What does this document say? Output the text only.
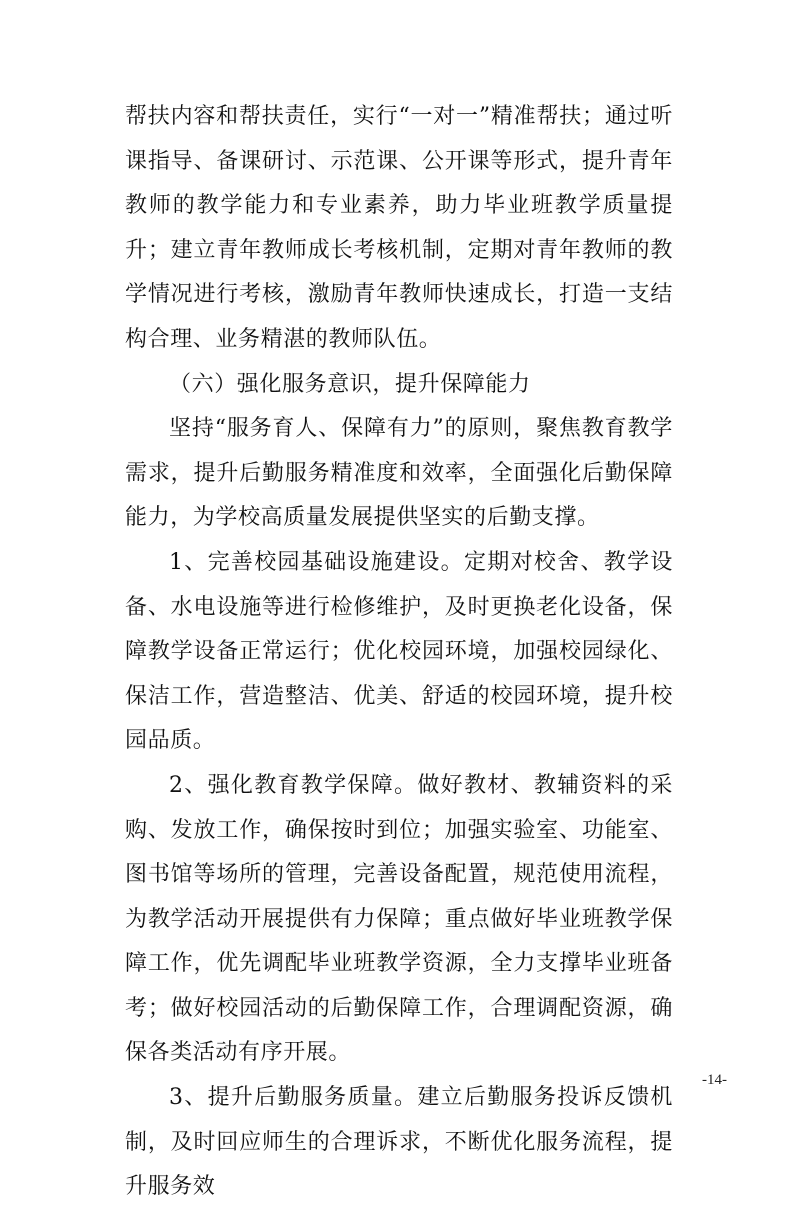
帮扶内容和帮扶责任，实行“一对一”精准帮扶；通过听课指导、备课研讨、示范课、公开课等形式，提升青年教师的教学能力和专业素养，助力毕业班教学质量提升；建立青年教师成长考核机制，定期对青年教师的教学情况进行考核，激励青年教师快速成长，打造一支结构合理、业务精湛的教师队伍。

（六）强化服务意识，提升保障能力

坚持“服务育人、保障有力”的原则，聚焦教育教学需求，提升后勤服务精准度和效率，全面强化后勤保障能力，为学校高质量发展提供坚实的后勤支撑。

1、完善校园基础设施建设。定期对校舍、教学设备、水电设施等进行检修维护，及时更换老化设备，保障教学设备正常运行；优化校园环境，加强校园绿化、保洁工作，营造整洁、优美、舒适的校园环境，提升校园品质。

2、强化教育教学保障。做好教材、教辅资料的采购、发放工作，确保按时到位；加强实验室、功能室、图书馆等场所的管理，完善设备配置，规范使用流程，为教学活动开展提供有力保障；重点做好毕业班教学保障工作，优先调配毕业班教学资源，全力支撑毕业班备考；做好校园活动的后勤保障工作，合理调配资源，确保各类活动有序开展。

3、提升后勤服务质量。建立后勤服务投诉反馈机制，及时回应师生的合理诉求，不断优化服务流程，提升服务效

-14-
